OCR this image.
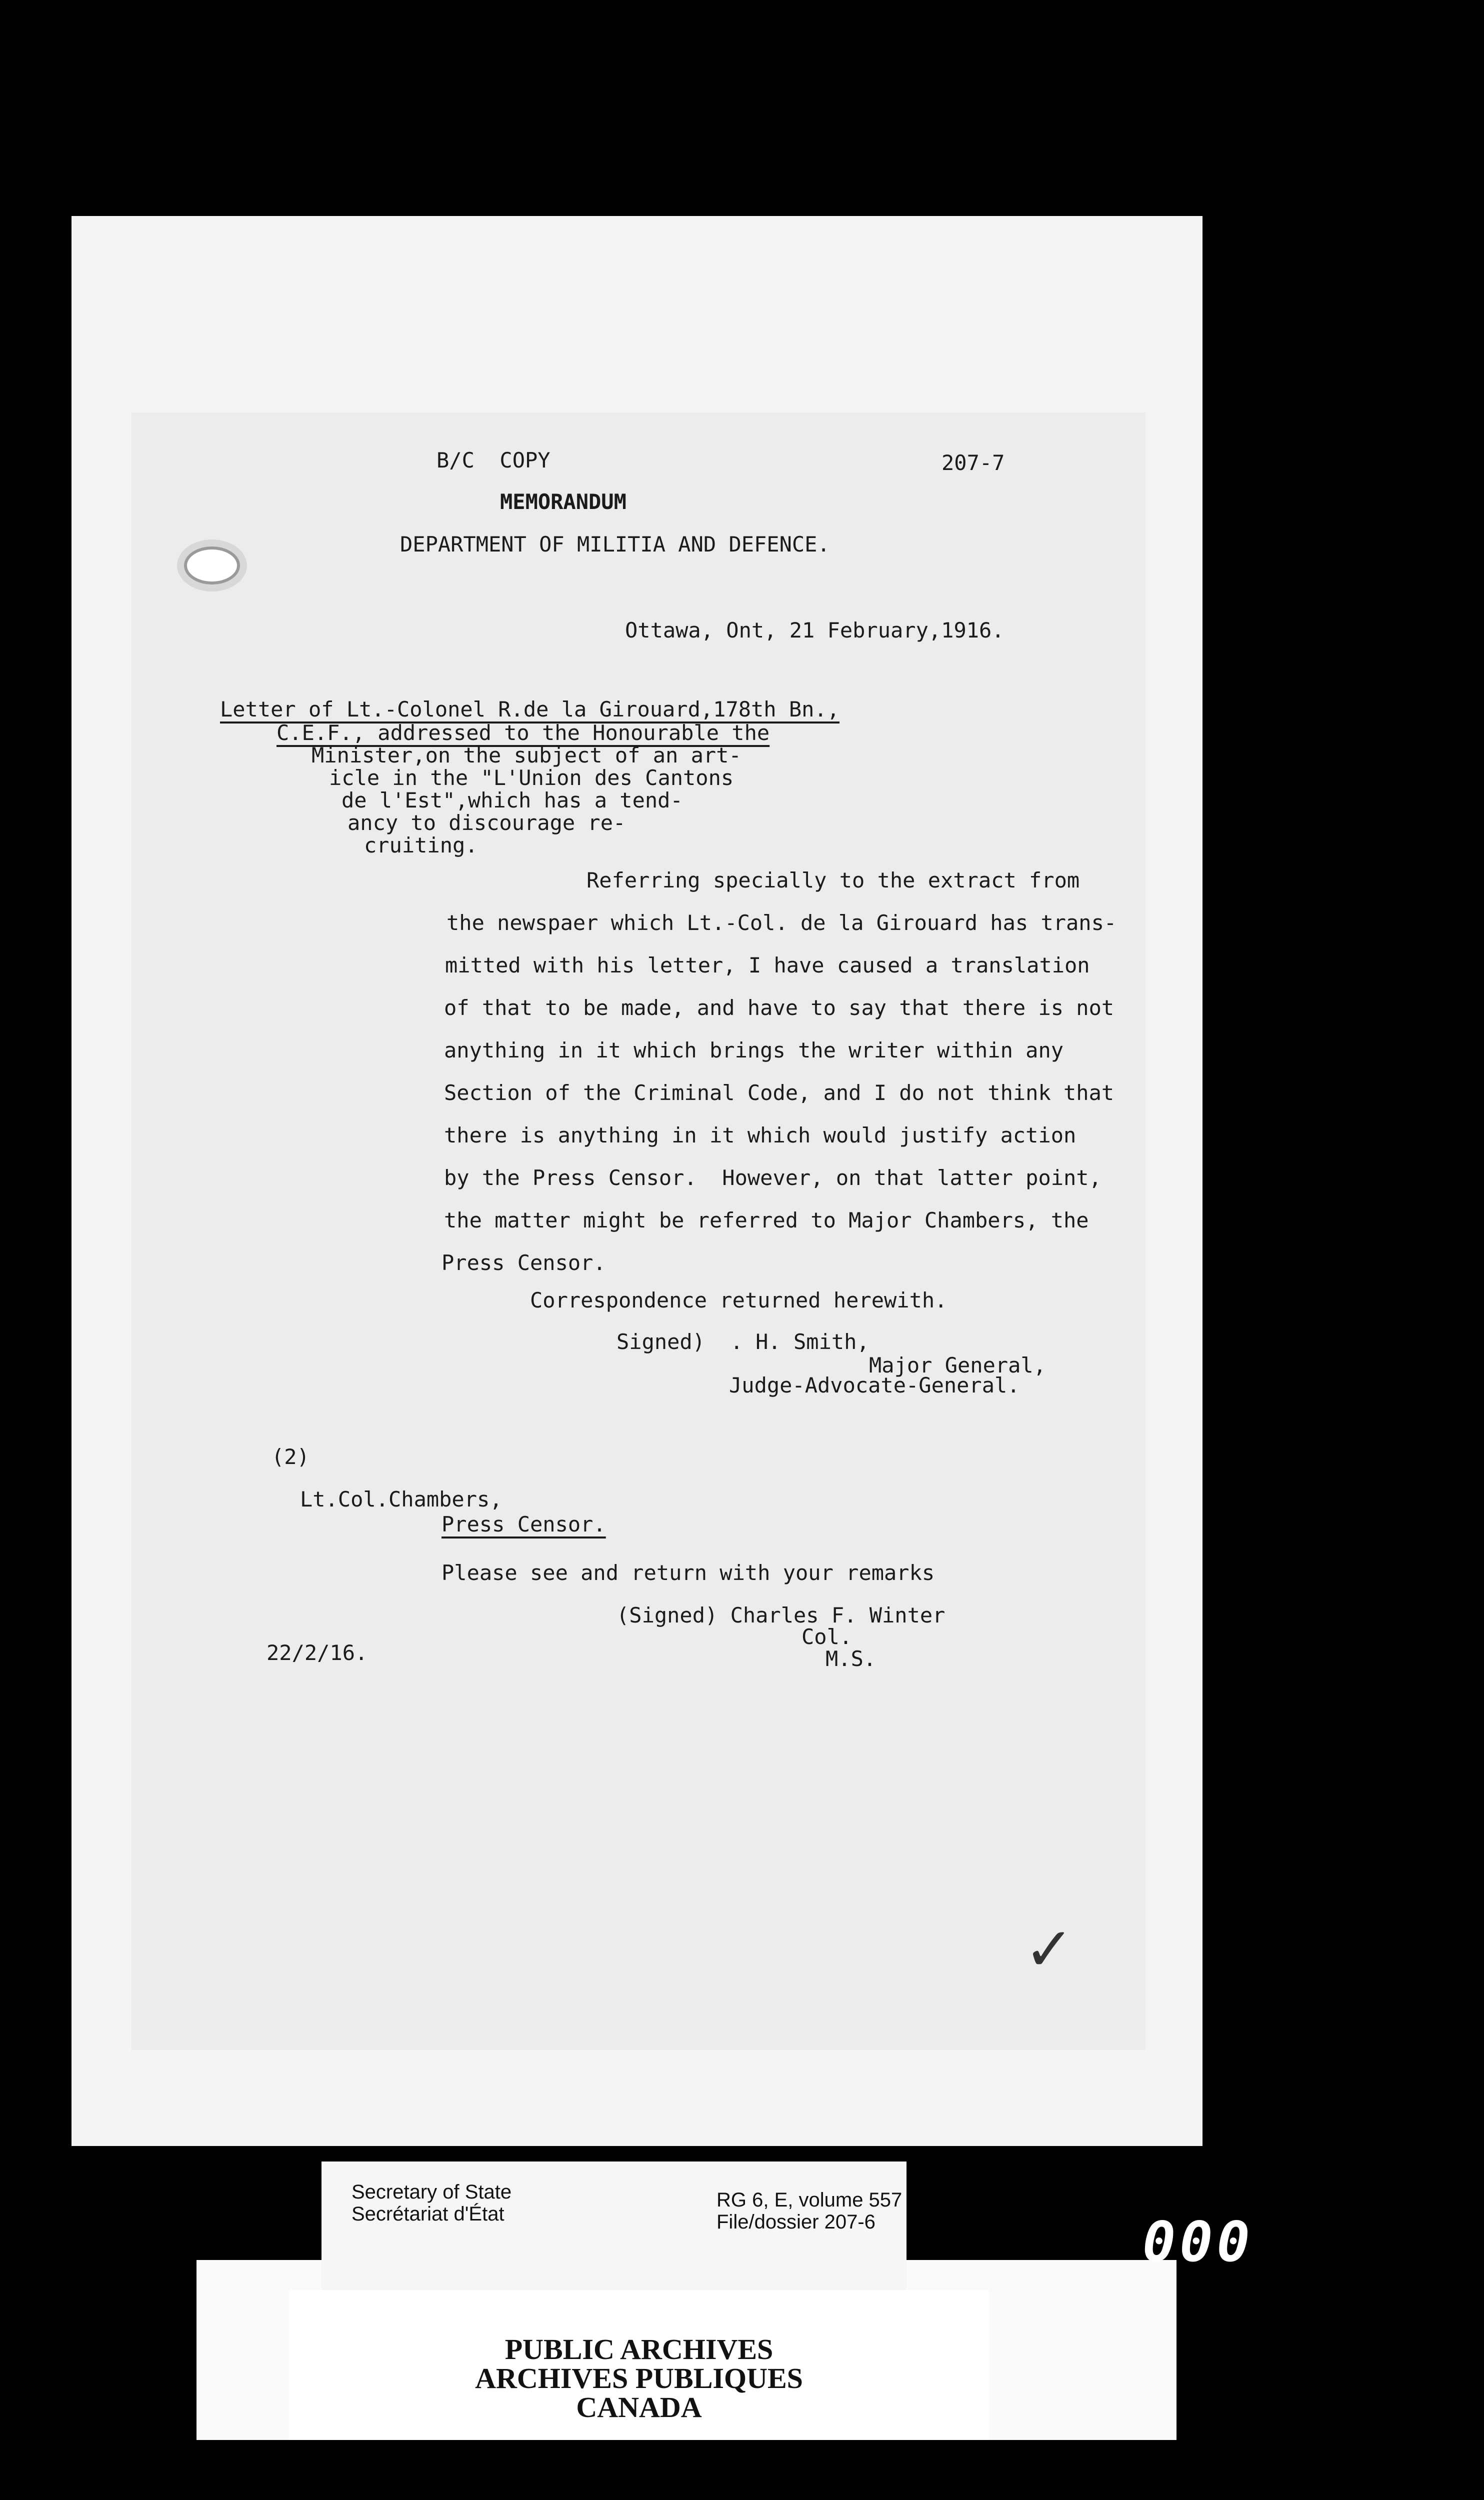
B/C  COPY	207-7
MEMORANDUM
DEPARTMENT OF MILITIA AND DEFENCE.
Ottawa, Ont, 21 February,1916.
Letter of Lt.-Colonel R.de la Girouard,178th Bn.,
C.E.F., addressed to the Honourable the
Minister,on the subject of an art-
icle in the "L'Union des Cantons
de l'Est",which has a tend-
ancy to discourage re-
cruiting.
Referring specially to the extract from
the newspaer which Lt.-Col. de la Girouard has trans-
mitted with his letter, I have caused a translation
of that to be made, and have to say that there is not
anything in it which brings the writer within any
Section of the Criminal Code, and I do not think that
there is anything in it which would justify action
by the Press Censor.  However, on that latter point,
the matter might be referred to Major Chambers, the
Press Censor.
Correspondence returned herewith.
Signed)  . H. Smith,
Major General,
Judge-Advocate-General.
(2)
Lt.Col.Chambers,
Press Censor.
Please see and return with your remarks
(Signed) Charles F. Winter
Col.
M.S.
22/2/16.
✓
Secretary of State
Secrétariat d'État
RG 6, E, volume 557
File/dossier 207-6
PUBLIC ARCHIVES
ARCHIVES PUBLIQUES
CANADA
000
